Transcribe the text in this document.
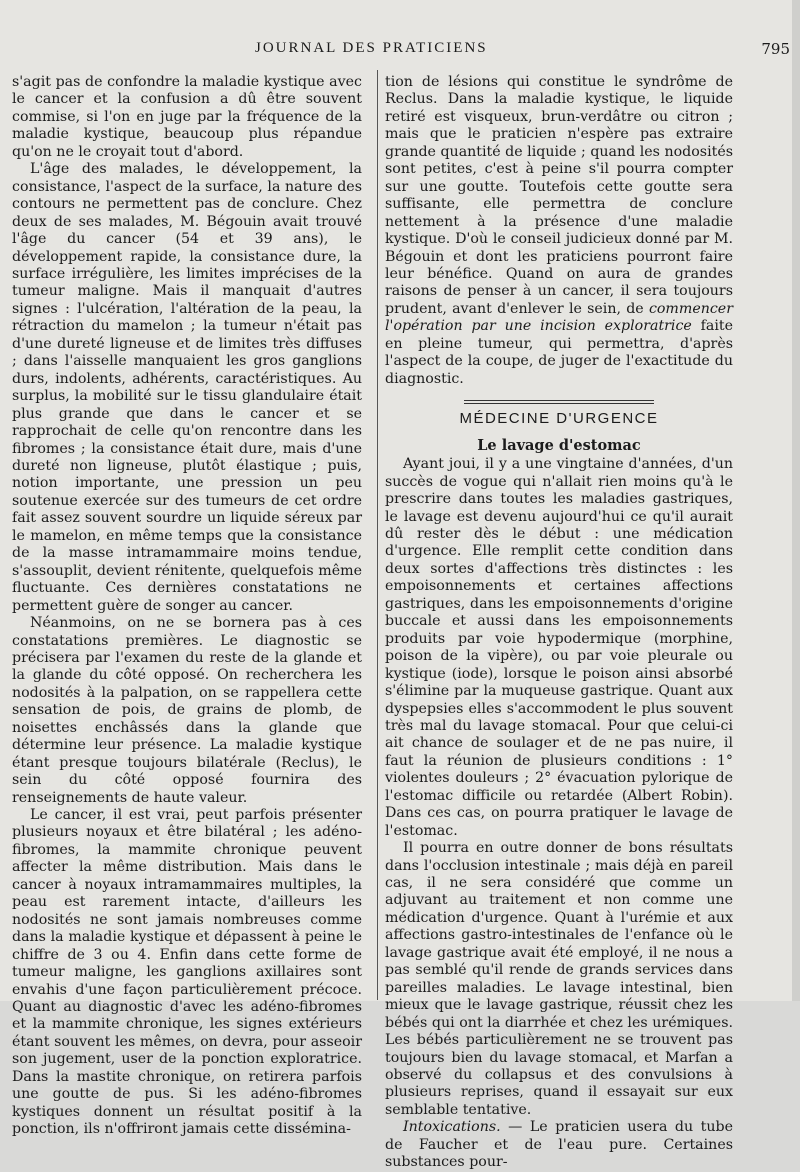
JOURNAL DES PRATICIENS	795

s'agit pas de confondre la maladie kystique avec le cancer et la confusion a dû être souvent commise, si l'on en juge par la fréquence de la maladie kystique, beaucoup plus répandue qu'on ne le croyait tout d'abord.

L'âge des malades, le développement, la consistance, l'aspect de la surface, la nature des contours ne permettent pas de conclure. Chez deux de ses malades, M. Bégouin avait trouvé l'âge du cancer (54 et 39 ans), le développement rapide, la consistance dure, la surface irrégulière, les limites imprécises de la tumeur maligne. Mais il manquait d'autres signes : l'ulcération, l'altération de la peau, la rétraction du mamelon ; la tumeur n'était pas d'une dureté ligneuse et de limites très diffuses ; dans l'aisselle manquaient les gros ganglions durs, indolents, adhérents, caractéristiques. Au surplus, la mobilité sur le tissu glandulaire était plus grande que dans le cancer et se rapprochait de celle qu'on rencontre dans les fibromes ; la consistance était dure, mais d'une dureté non ligneuse, plutôt élastique ; puis, notion importante, une pression un peu soutenue exercée sur des tumeurs de cet ordre fait assez souvent sourdre un liquide séreux par le mamelon, en même temps que la consistance de la masse intramammaire moins tendue, s'assouplit, devient rénitente, quelquefois même fluctuante. Ces dernières constatations ne permettent guère de songer au cancer.

Néanmoins, on ne se bornera pas à ces constatations premières. Le diagnostic se précisera par l'examen du reste de la glande et la glande du côté opposé. On recherchera les nodosités à la palpation, on se rappellera cette sensation de pois, de grains de plomb, de noisettes enchâssés dans la glande que détermine leur présence. La maladie kystique étant presque toujours bilatérale (Reclus), le sein du côté opposé fournira des renseignements de haute valeur.

Le cancer, il est vrai, peut parfois présenter plusieurs noyaux et être bilatéral ; les adéno-fibromes, la mammite chronique peuvent affecter la même distribution. Mais dans le cancer à noyaux intramammaires multiples, la peau est rarement intacte, d'ailleurs les nodosités ne sont jamais nombreuses comme dans la maladie kystique et dépassent à peine le chiffre de 3 ou 4. Enfin dans cette forme de tumeur maligne, les ganglions axillaires sont envahis d'une façon particulièrement précoce. Quant au diagnostic d'avec les adéno-fibromes et la mammite chronique, les signes extérieurs étant souvent les mêmes, on devra, pour asseoir son jugement, user de la ponction exploratrice. Dans la mastite chronique, on retirera parfois une goutte de pus. Si les adéno-fibromes kystiques donnent un résultat positif à la ponction, ils n'offriront jamais cette dissémina-

tion de lésions qui constitue le syndrôme de Reclus. Dans la maladie kystique, le liquide retiré est visqueux, brun-verdâtre ou citron ; mais que le praticien n'espère pas extraire grande quantité de liquide ; quand les nodosités sont petites, c'est à peine s'il pourra compter sur une goutte. Toutefois cette goutte sera suffisante, elle permettra de conclure nettement à la présence d'une maladie kystique. D'où le conseil judicieux donné par M. Bégouin et dont les praticiens pourront faire leur bénéfice. Quand on aura de grandes raisons de penser à un cancer, il sera toujours prudent, avant d'enlever le sein, de commencer l'opération par une incision exploratrice faite en pleine tumeur, qui permettra, d'après l'aspect de la coupe, de juger de l'exactitude du diagnostic.

MÉDECINE D'URGENCE
Le lavage d'estomac

Ayant joui, il y a une vingtaine d'années, d'un succès de vogue qui n'allait rien moins qu'à le prescrire dans toutes les maladies gastriques, le lavage est devenu aujourd'hui ce qu'il aurait dû rester dès le début : une médication d'urgence. Elle remplit cette condition dans deux sortes d'affections très distinctes : les empoisonnements et certaines affections gastriques, dans les empoisonnements d'origine buccale et aussi dans les empoisonnements produits par voie hypodermique (morphine, poison de la vipère), ou par voie pleurale ou kystique (iode), lorsque le poison ainsi absorbé s'élimine par la muqueuse gastrique. Quant aux dyspepsies elles s'accommodent le plus souvent très mal du lavage stomacal. Pour que celui-ci ait chance de soulager et de ne pas nuire, il faut la réunion de plusieurs conditions : 1° violentes douleurs ; 2° évacuation pylorique de l'estomac difficile ou retardée (Albert Robin). Dans ces cas, on pourra pratiquer le lavage de l'estomac.

Il pourra en outre donner de bons résultats dans l'occlusion intestinale ; mais déjà en pareil cas, il ne sera considéré que comme un adjuvant au traitement et non comme une médication d'urgence. Quant à l'urémie et aux affections gastro-intestinales de l'enfance où le lavage gastrique avait été employé, il ne nous a pas semblé qu'il rende de grands services dans pareilles maladies. Le lavage intestinal, bien mieux que le lavage gastrique, réussit chez les bébés qui ont la diarrhée et chez les urémiques. Les bébés particulièrement ne se trouvent pas toujours bien du lavage stomacal, et Marfan a observé du collapsus et des convulsions à plusieurs reprises, quand il essayait sur eux semblable tentative.

Intoxications. — Le praticien usera du tube de Faucher et de l'eau pure. Certaines substances pour-
